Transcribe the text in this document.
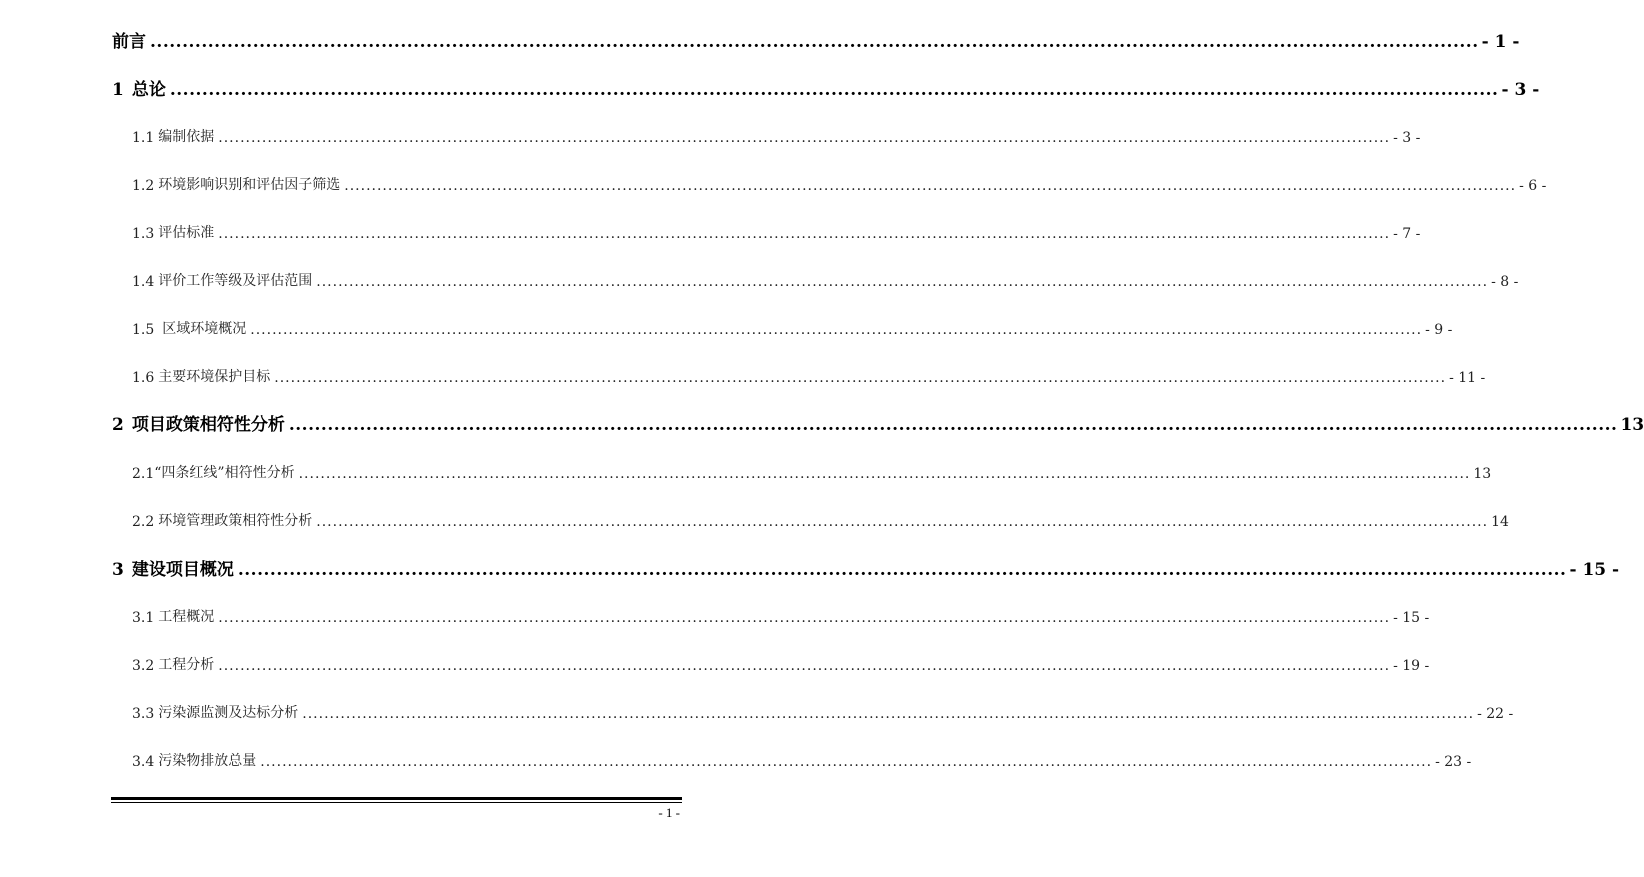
前言 ............................................................................................................................................................................................................... - 1 -
1 总论 ............................................................................................................................................................................................................... - 3 -
1.1 编制依据 ....................................................................................................................................................................................................................... - 3 -
1.2 环境影响识别和评估因子筛选 ....................................................................................................................................................................................................................... - 6 -
1.3 评估标准 ....................................................................................................................................................................................................................... - 7 -
1.4 评价工作等级及评估范围 ....................................................................................................................................................................................................................... - 8 -
1.5 区域环境概况 ....................................................................................................................................................................................................................... - 9 -
1.6 主要环境保护目标 ....................................................................................................................................................................................................................... - 11 -
2 项目政策相符性分析 ............................................................................................................................................................................................................... 13
2.1 “四条红线”相符性分析 ....................................................................................................................................................................................................................... 13
2.2 环境管理政策相符性分析 ....................................................................................................................................................................................................................... 14
3 建设项目概况 ............................................................................................................................................................................................................... - 15 -
3.1 工程概况 ....................................................................................................................................................................................................................... - 15 -
3.2 工程分析 ....................................................................................................................................................................................................................... - 19 -
3.3 污染源监测及达标分析 ....................................................................................................................................................................................................................... - 22 -
3.4 污染物排放总量 ....................................................................................................................................................................................................................... - 23 -
- 1 -
